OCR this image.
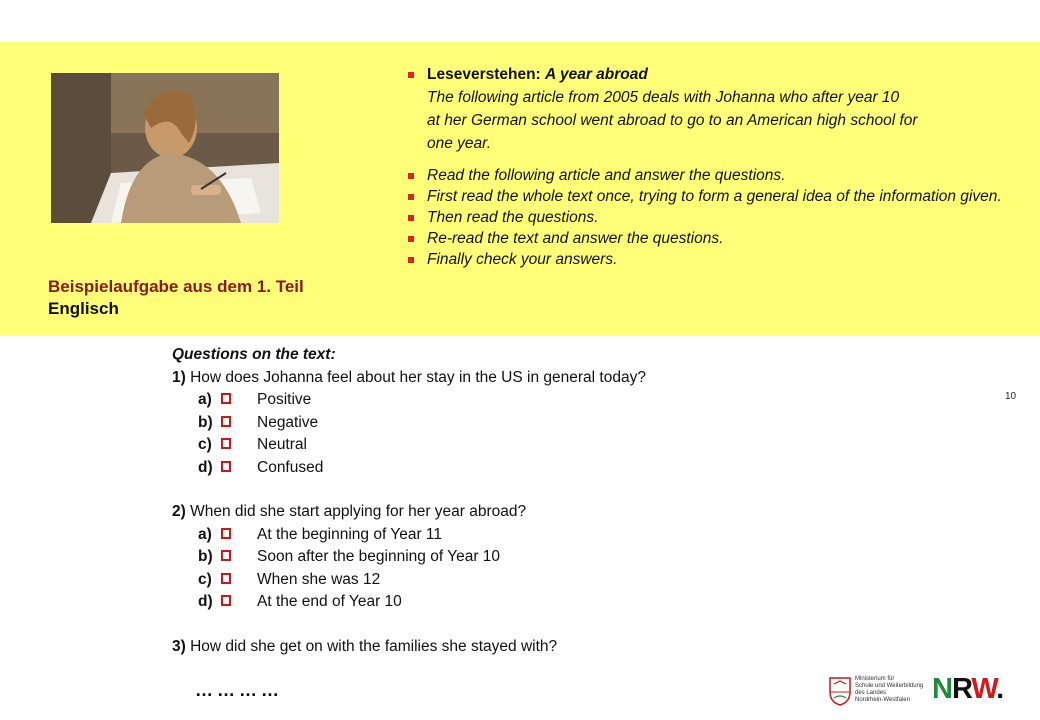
Beispielaufgabe aus dem 1. Teil
Englisch
Leseverstehen: A year abroad
The following article from 2005 deals with Johanna who after year 10
at her German school went abroad to go to an American high school for
one year.
Read the following article and answer the questions.
First read the whole text once, trying to form a general idea of the information given.
Then read the questions.
Re-read the text and answer the questions.
Finally check your answers.
10
Questions on the text:
1) How does Johanna feel about her stay in the US in general today?
a)	Positive
b)	Negative
c)	Neutral
d)	Confused
2) When did she start applying for her year abroad?
a)	At the beginning of Year 11
b)	Soon after the beginning of Year 10
c)	When she was 12
d)	At the end of Year 10
3) How did she get on with the families she stayed with?
…………
Ministerium für
Schule und Weiterbildung
des Landes
Nordrhein-Westfalen NRW.
